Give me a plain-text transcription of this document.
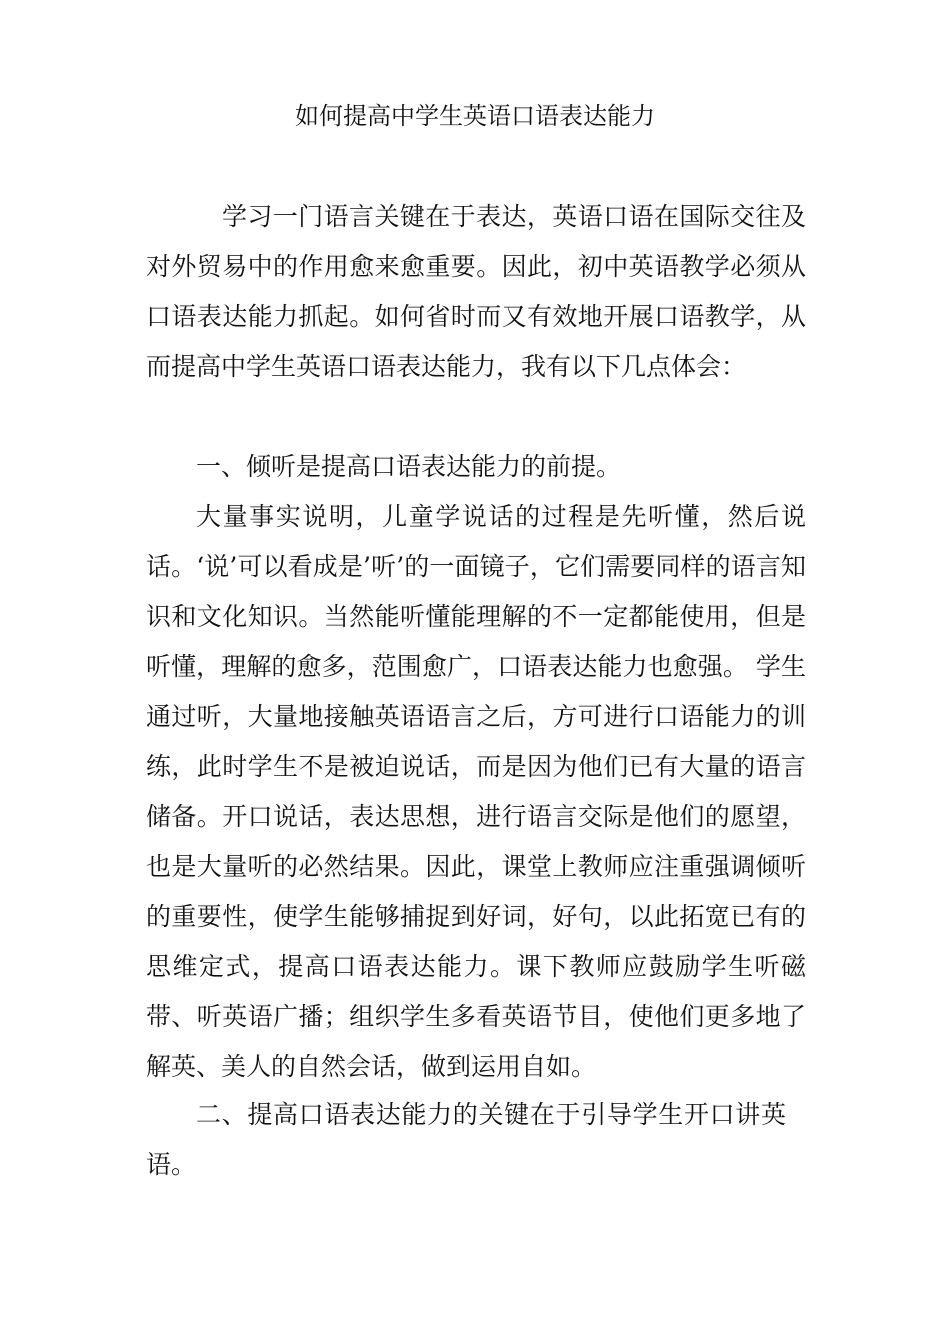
如何提高中学生英语口语表达能力

学习一门语言关键在于表达，英语口语在国际交往及对外贸易中的作用愈来愈重要。因此，初中英语教学必须从口语表达能力抓起。如何省时而又有效地开展口语教学，从而提高中学生英语口语表达能力，我有以下几点体会：

一、倾听是提高口语表达能力的前提。

大量事实说明，儿童学说话的过程是先听懂，然后说话。‘说’可以看成是’听’的一面镜子，它们需要同样的语言知识和文化知识。当然能听懂能理解的不一定都能使用，但是听懂，理解的愈多，范围愈广，口语表达能力也愈强。 学生通过听，大量地接触英语语言之后，方可进行口语能力的训练，此时学生不是被迫说话，而是因为他们已有大量的语言储备。开口说话，表达思想，进行语言交际是他们的愿望，也是大量听的必然结果。因此，课堂上教师应注重强调倾听的重要性，使学生能够捕捉到好词，好句，以此拓宽已有的思维定式，提高口语表达能力。课下教师应鼓励学生听磁带、听英语广播；组织学生多看英语节目，使他们更多地了解英、美人的自然会话，做到运用自如。

二、提高口语表达能力的关键在于引导学生开口讲英语。
